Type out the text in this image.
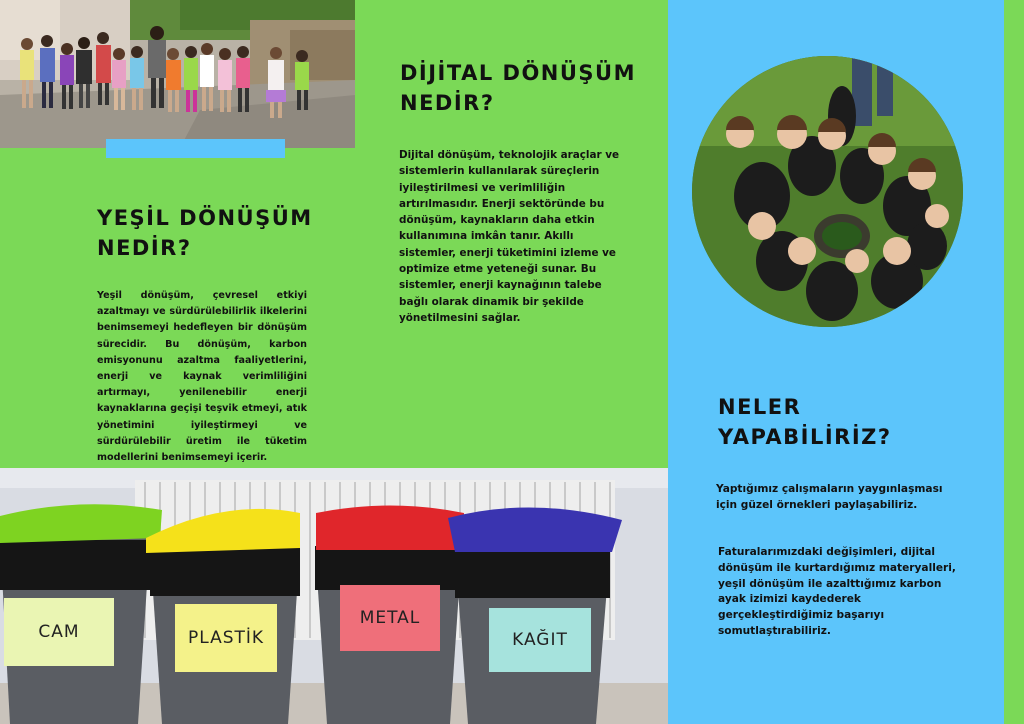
YEŞİL DÖNÜŞÜM NEDİR?

Yeşil dönüşüm, çevresel etkiyi azaltmayı ve sürdürülebilirlik ilkelerini benimsemeyi hedefleyen bir dönüşüm sürecidir. Bu dönüşüm, karbon emisyonunu azaltma faaliyetlerini, enerji ve kaynak verimliliğini artırmayı, yenilenebilir enerji kaynaklarına geçişi teşvik etmeyi, atık yönetimini iyileştirmeyi ve sürdürülebilir üretim ile tüketim modellerini benimsemeyi içerir.

DİJİTAL DÖNÜŞÜM NEDİR?

Dijital dönüşüm, teknolojik araçlar ve sistemlerin kullanılarak süreçlerin iyileştirilmesi ve verimliliğin artırılmasıdır. Enerji sektöründe bu dönüşüm, kaynakların daha etkin kullanımına imkân tanır. Akıllı sistemler, enerji tüketimini izleme ve optimize etme yeteneği sunar. Bu sistemler, enerji kaynağının talebe bağlı olarak dinamik bir şekilde yönetilmesini sağlar.

NELER YAPABİLİRİZ?

Yaptığımız çalışmaların yaygınlaşması için güzel örnekleri paylaşabiliriz.

Faturalarımızdaki değişimleri, dijital dönüşüm ile kurtardığımız materyalleri, yeşil dönüşüm ile azalttığımız karbon ayak izimizi kaydederek gerçekleştirdiğimiz başarıyı somutlaştırabiliriz.

CAM	PLASTİK
METAL
KAĞIT
